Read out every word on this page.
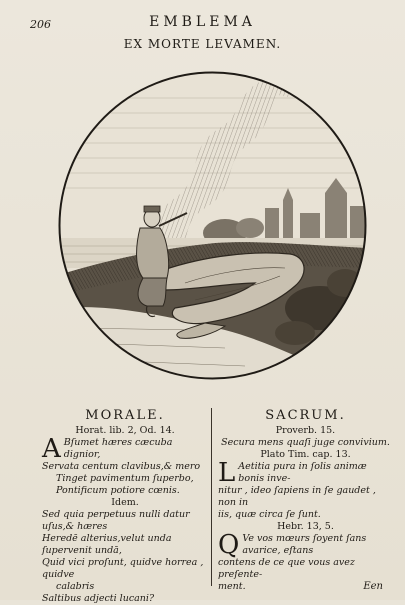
206	EMBLEMA
EX MORTE LEVAMEN.
MORALE.
Horat. lib. 2, Od. 14.
A Bſumet hæres cæcuba dignior,
Servata centum clavibus,& mero
Tinget pavimentum ſuperbo,
Pontificum potiore cœnis.
Idem.
Sed quia perpetuus nulli datur uſus,& hæres
Heredē alterius,velut unda ſupervenit undā,
Quid vici proſunt, quidve horrea , quidve
calabris
Saltibus adjecti lucani?
SACRUM.
Proverb. 15.
Secura mens quaſi juge convivium.
Plato Tim. cap. 13.
L Aetitia pura in ſolis animæ bonis inve-
nitur , ideo ſapiens in ſe gaudet , non in
iis, quæ circa ſe ſunt.
Hebr. 13, 5.
Q Ve vos mœurs ſoyent ſans avarice, eſtans
contens de ce que vous avez preſente-
ment.	Een
